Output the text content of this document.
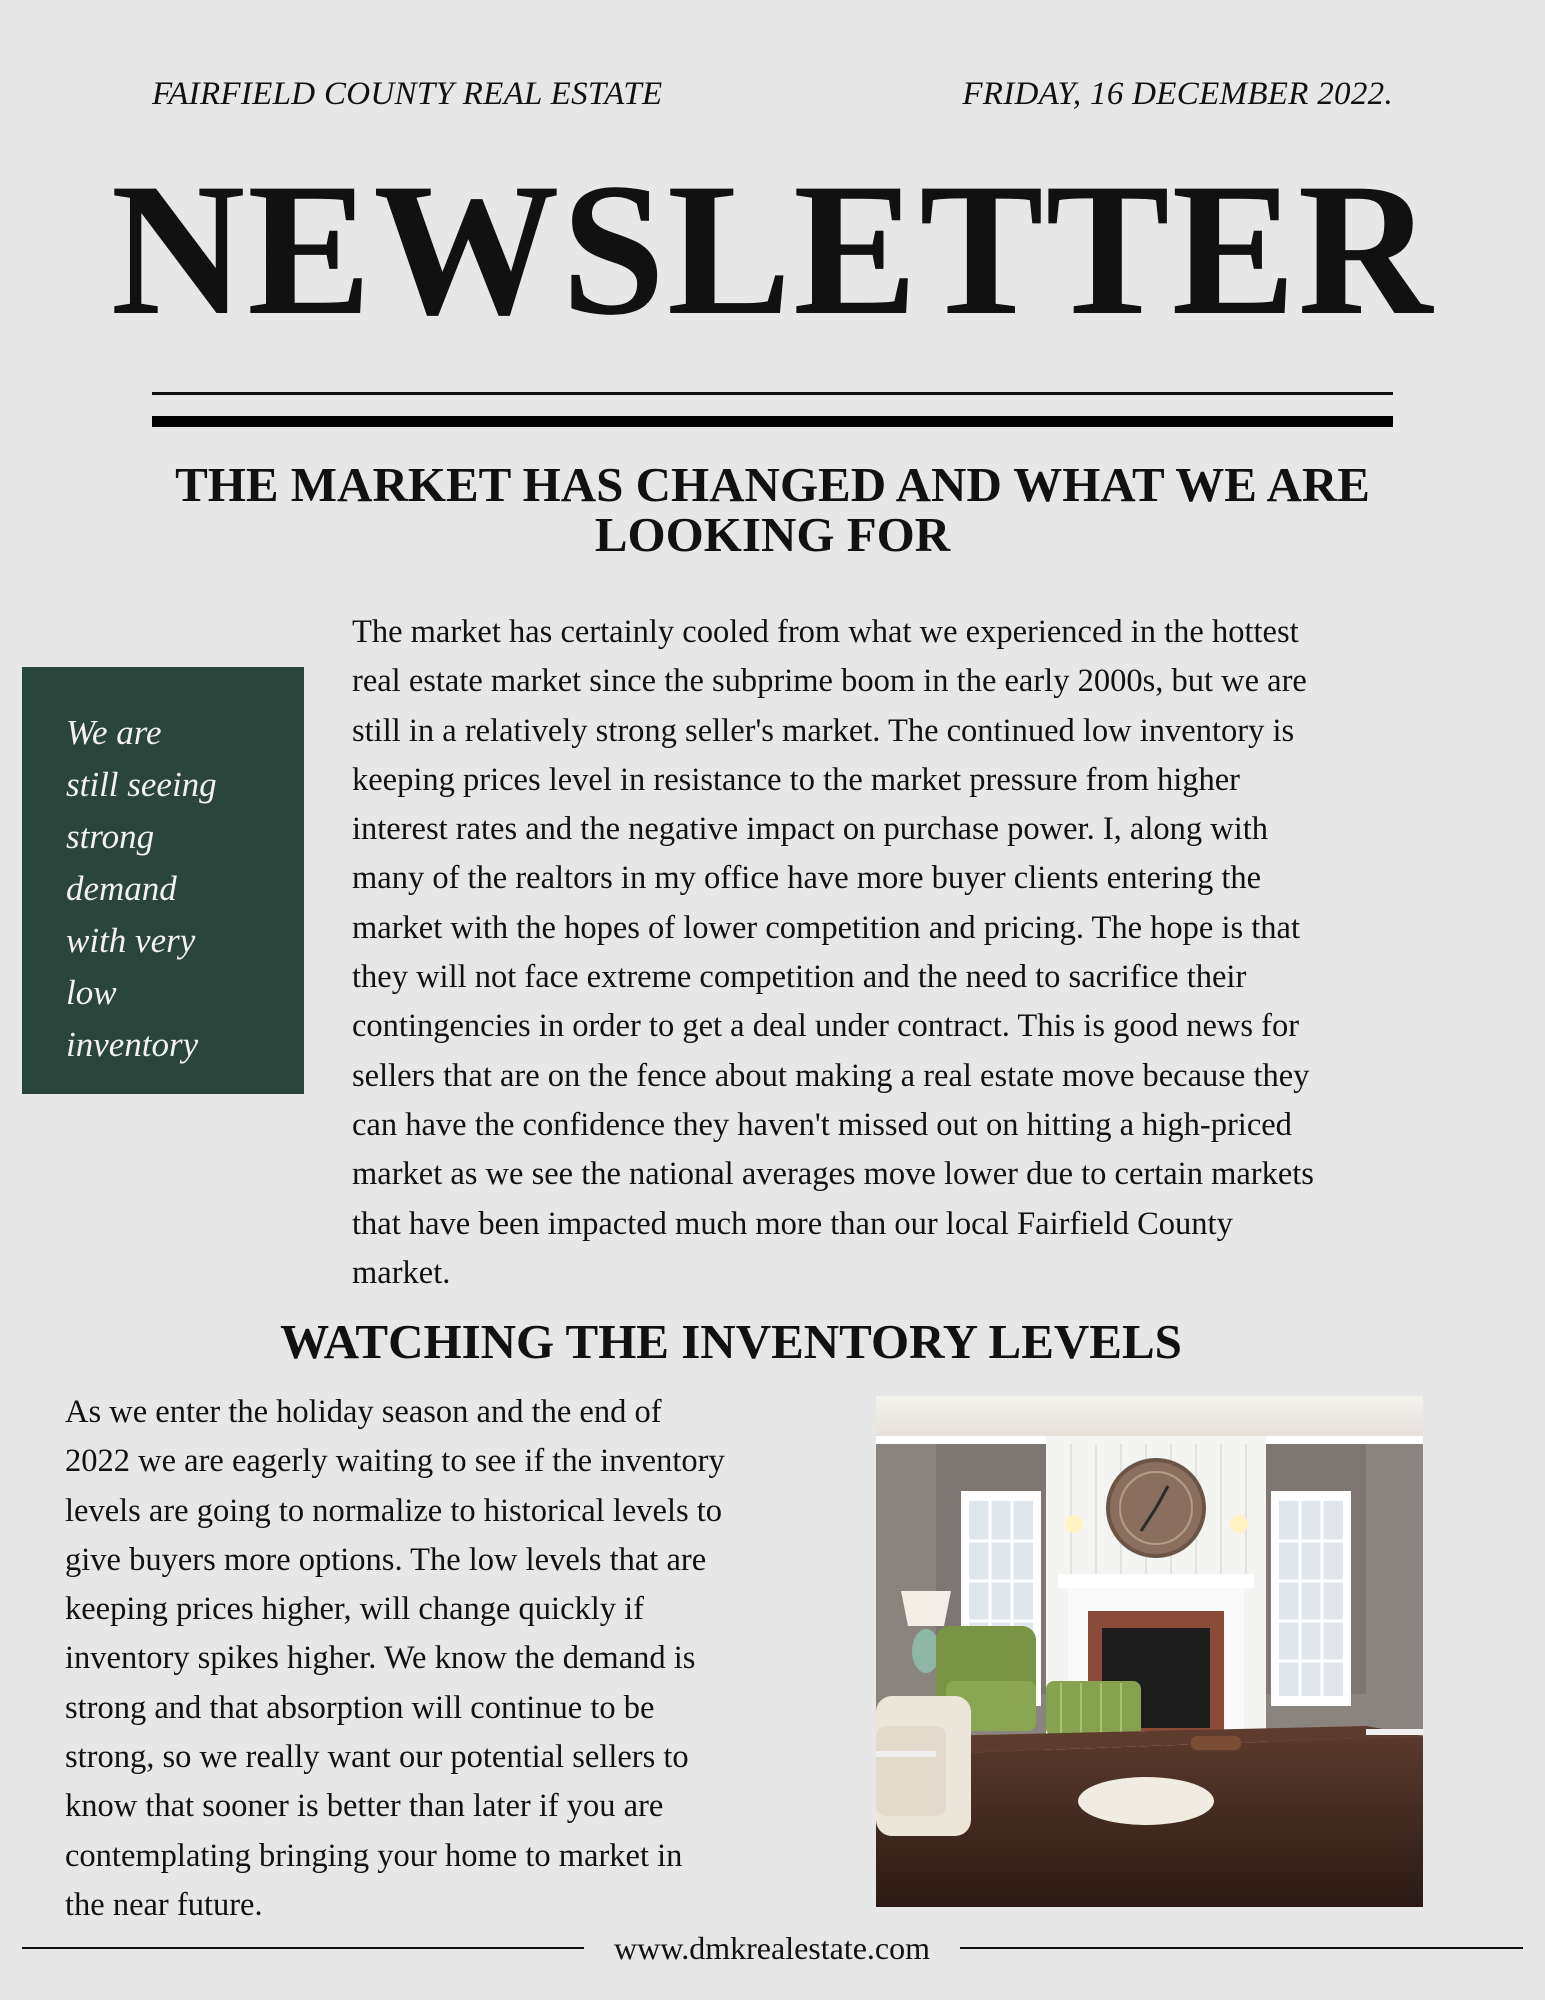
FAIRFIELD COUNTY REAL ESTATE	FRIDAY, 16 DECEMBER 2022.
NEWSLETTER
THE MARKET HAS CHANGED AND WHAT WE ARE LOOKING FOR

We are
still seeing
strong
demand
with very
low
inventory

The market has certainly cooled from what we experienced in the hottest
real estate market since the subprime boom in the early 2000s, but we are
still in a relatively strong seller's market. The continued low inventory is
keeping prices level in resistance to the market pressure from higher
interest rates and the negative impact on purchase power. I, along with
many of the realtors in my office have more buyer clients entering the
market with the hopes of lower competition and pricing. The hope is that
they will not face extreme competition and the need to sacrifice their
contingencies in order to get a deal under contract. This is good news for
sellers that are on the fence about making a real estate move because they
can have the confidence they haven't missed out on hitting a high-priced
market as we see the national averages move lower due to certain markets
that have been impacted much more than our local Fairfield County
market.

WATCHING THE INVENTORY LEVELS

As we enter the holiday season and the end of
2022 we are eagerly waiting to see if the inventory
levels are going to normalize to historical levels to
give buyers more options. The low levels that are
keeping prices higher, will change quickly if
inventory spikes higher. We know the demand is
strong and that absorption will continue to be
strong, so we really want our potential sellers to
know that sooner is better than later if you are
contemplating bringing your home to market in
the near future.

www.dmkrealestate.com
